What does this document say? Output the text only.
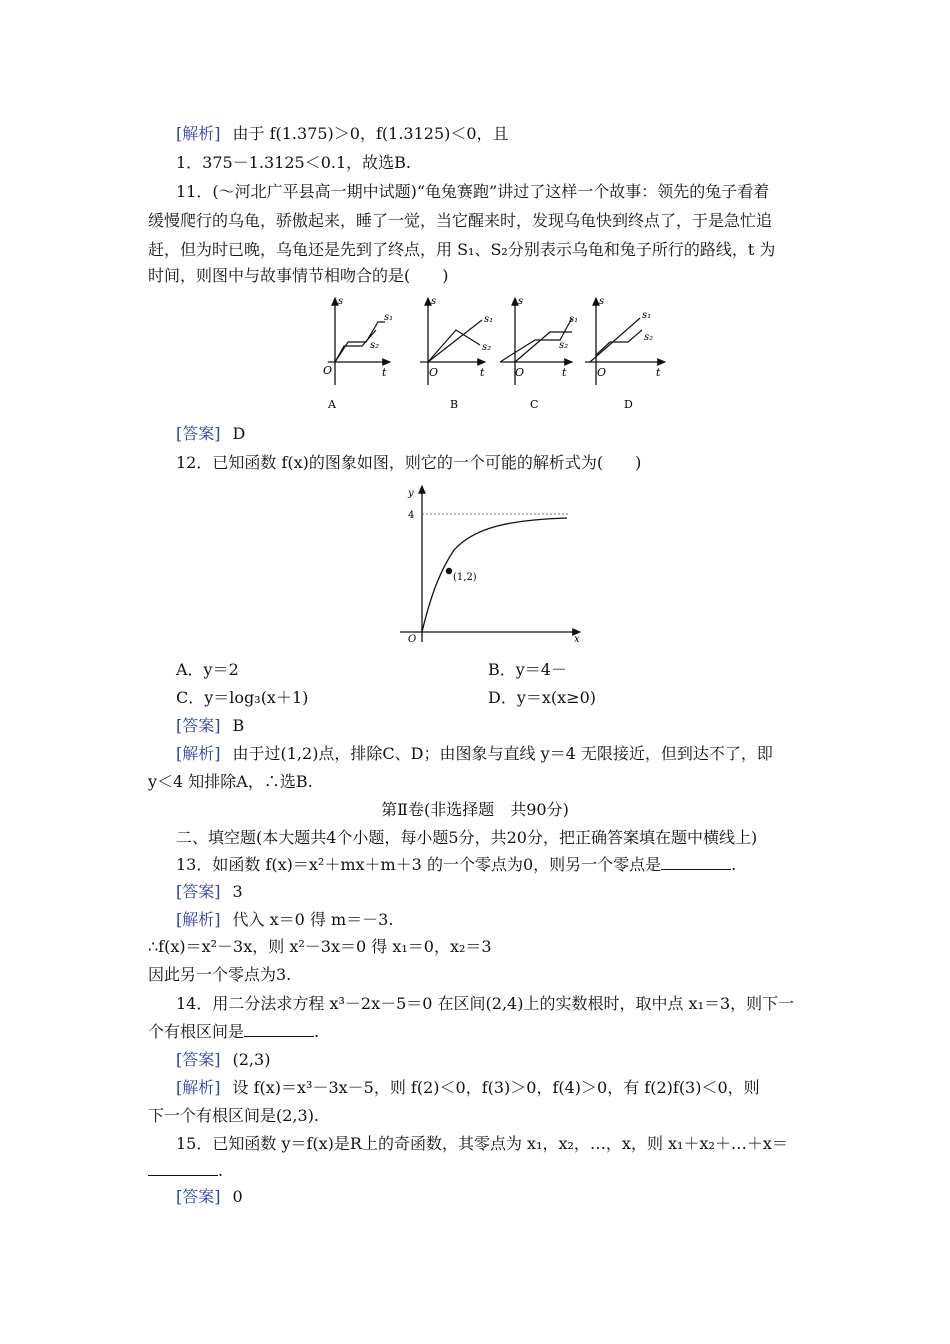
[解析] 由于 f(1.375)＞0，f(1.3125)＜0，且
1．375－1.3125＜0.1，故选B.
11．(～河北广平县高一期中试题)“龟兔赛跑”讲过了这样一个故事：领先的兔子看着
缓慢爬行的乌龟，骄傲起来，睡了一觉，当它醒来时，发现乌龟快到终点了，于是急忙追
赶，但为时已晚，乌龟还是先到了终点，用 S₁、S₂分别表示乌龟和兔子所行的路线，t 为
时间，则图中与故事情节相吻合的是(　　)
s
s₁
s₂
O	t
A
s
s₁
s₂
O	t
B
s
s₁
s₂
O	t
C
s
s₁
s₂
O	t
D
[答案] D
12．已知函数 f(x)的图象如图，则它的一个可能的解析式为(　　)
y
x
O
4
(1,2)
A．y＝2	B．y＝4－
C．y＝log₃(x＋1)	D．y＝x(x≥0)
[答案] B
[解析] 由于过(1,2)点，排除C、D；由图象与直线 y＝4 无限接近，但到达不了，即
y＜4 知排除A，∴选B.
第Ⅱ卷(非选择题　共90分)
二、填空题(本大题共4个小题，每小题5分，共20分，把正确答案填在题中横线上)
13．如函数 f(x)＝x²＋mx＋m＋3 的一个零点为0，则另一个零点是	.
[答案] 3
[解析] 代入 x＝0 得 m＝－3.
∴f(x)＝x²－3x，则 x²－3x＝0 得 x₁＝0，x₂＝3
因此另一个零点为3.
14．用二分法求方程 x³－2x－5＝0 在区间(2,4)上的实数根时，取中点 x₁＝3，则下一
个有根区间是	.
[答案] (2,3)
[解析] 设 f(x)＝x³－3x－5，则 f(2)＜0，f(3)＞0，f(4)＞0，有 f(2)f(3)＜0，则
下一个有根区间是(2,3).
15．已知函数 y＝f(x)是R上的奇函数，其零点为 x₁，x₂，…，x，则 x₁＋x₂＋…＋x＝
.
[答案] 0
